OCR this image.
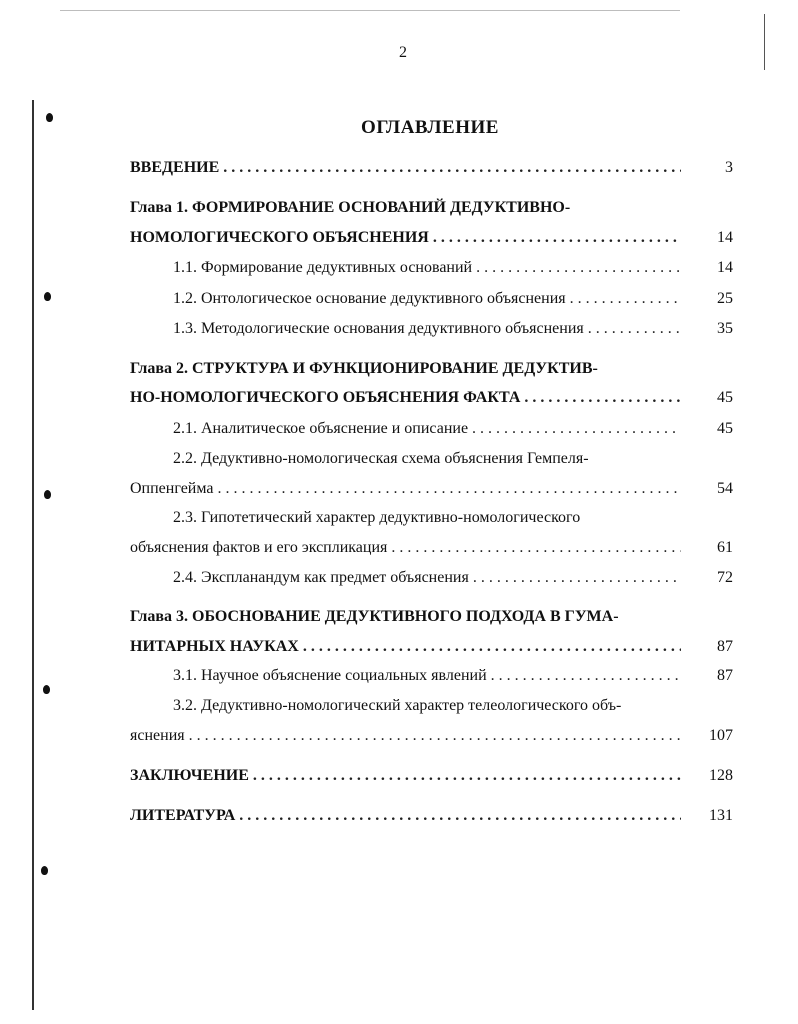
2
ОГЛАВЛЕНИЕ
ВВЕДЕНИЕ . . .	3
Глава 1. ФОРМИРОВАНИЕ ОСНОВАНИЙ ДЕДУКТИВНО-
НОМОЛОГИЧЕСКОГО ОБЪЯСНЕНИЯ . . .	14
1.1. Формирование дедуктивных оснований . . .	14
1.2. Онтологическое основание дедуктивного объяснения . . .	25
1.3. Методологические основания дедуктивного объяснения . . .	35
Глава 2. СТРУКТУРА И ФУНКЦИОНИРОВАНИЕ ДЕДУКТИВ-
НО-НОМОЛОГИЧЕСКОГО ОБЪЯСНЕНИЯ ФАКТА . . .	45
2.1. Аналитическое объяснение и описание . . .	45
2.2. Дедуктивно-номологическая схема объяснения Гемпеля-
Оппенгейма . . .	54
2.3. Гипотетический характер дедуктивно-номологического
объяснения фактов и его экспликация . . .	61
2.4. Экспланандум как предмет объяснения . . .	72
Глава 3. ОБОСНОВАНИЕ ДЕДУКТИВНОГО ПОДХОДА В ГУМА-
НИТАРНЫХ НАУКАХ . . .	87
3.1. Научное объяснение социальных явлений . . .	87
3.2. Дедуктивно-номологический характер телеологического объ-
яснения . . .	107
ЗАКЛЮЧЕНИЕ . . .	128
ЛИТЕРАТУРА . . .	131
